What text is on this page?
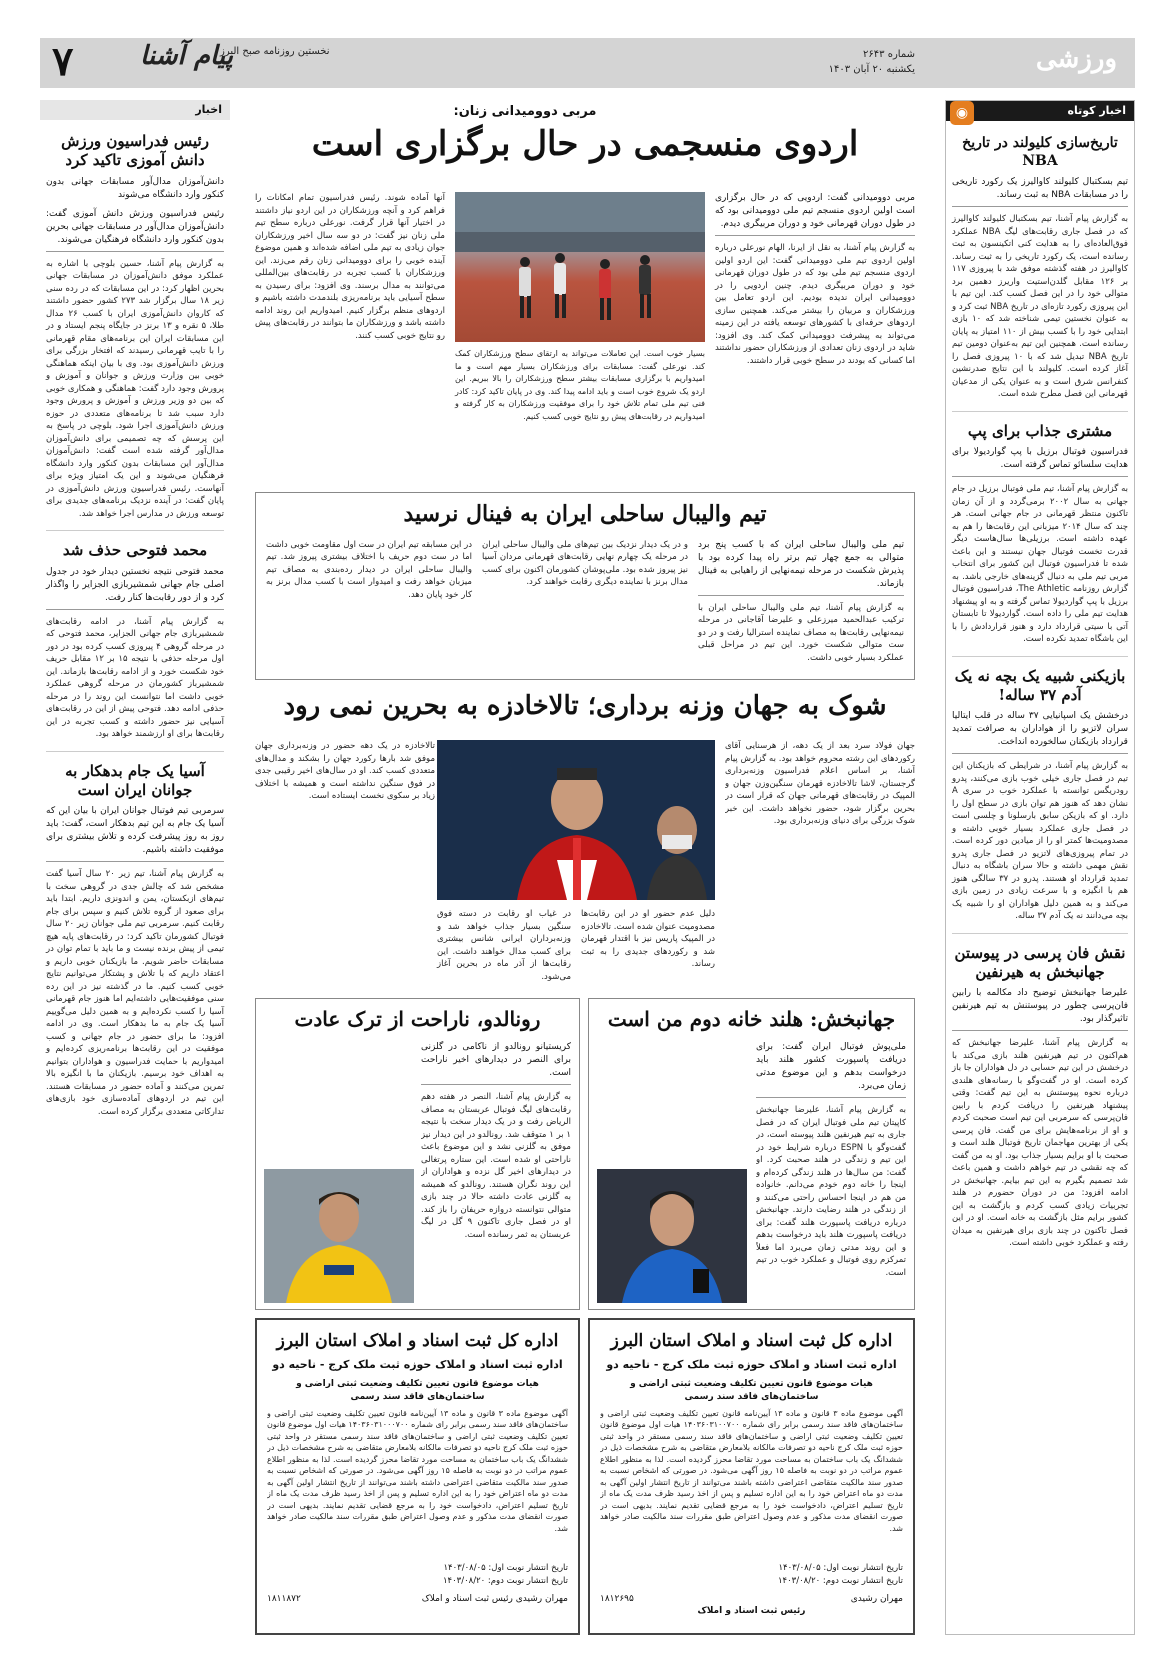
ورزشی
شماره ۲۶۴۳
یکشنبه ۲۰ آبان ۱۴۰۳
نخستین روزنامه صبح البرز
پیام آشنا
۷
اخبار کوتاه
◉
تاریخ‌سازی کلیولند در تاریخ NBA
تیم بسکتبال کلیولند کاوالیرز یک رکورد تاریخی را در مسابقات NBA به ثبت رساند.
به گزارش پیام آشنا، تیم بسکتبال کلیولند کاوالیرز که در فصل جاری رقابت‌های لیگ NBA عملکرد فوق‌العاده‌ای را به هدایت کنی اتکینسون به ثبت رسانده است، یک رکورد تاریخی را به ثبت رساند. کاوالیرز در هفته گذشته موفق شد با پیروزی ۱۱۷ بر ۱۲۶ مقابل گلدن‌استیت واریرز دهمین برد متوالی خود را در این فصل کسب کند. این تیم با این پیروزی رکورد تازه‌ای در تاریخ NBA ثبت کرد و به عنوان نخستین تیمی شناخته شد که ۱۰ بازی ابتدایی خود را با کسب بیش از ۱۱۰ امتیاز به پایان رسانده است. همچنین این تیم به‌عنوان دومین تیم تاریخ NBA تبدیل شد که با ۱۰ پیروزی فصل را آغاز کرده است. کلیولند با این نتایج صدرنشین کنفرانس شرق است و به عنوان یکی از مدعیان قهرمانی این فصل مطرح شده است.
مشتری جذاب برای پپ
فدراسیون فوتبال برزیل با پپ گواردیولا برای هدایت سلسائو تماس گرفته است.
به گزارش پیام آشنا، تیم ملی فوتبال برزیل در جام جهانی به سال ۲۰۰۲ برمی‌گردد و از آن زمان تاکنون منتظر قهرمانی در جام جهانی است. هر چند که سال ۲۰۱۴ میزبانی این رقابت‌ها را هم به عهده داشته است. برزیلی‌ها سال‌هاست دیگر قدرت تخست فوتبال جهان نیستند و این باعث شده تا فدراسیون فوتبال این کشور برای انتخاب مربی تیم ملی به دنبال گزینه‌های خارجی باشد. به گزارش روزنامه The Athletic، فدراسیون فوتبال برزیل با پپ گواردیولا تماس گرفته و به او پیشنهاد هدایت تیم ملی را داده است. گواردیولا تا تابستان آتی با سیتی قرارداد دارد و هنوز قراردادش را با این باشگاه تمدید نکرده است.
بازیکنی شبیه یک بچه نه یک آدم ۳۷ ساله!
درخشش یک اسپانیایی ۳۷ ساله در قلب ایتالیا سران لاتزیو را از هواداران به صرافت تمدید قرارداد بازیکنان سالخورده انداخت.
به گزارش پیام آشنا، در شرایطی که بازیکنان این تیم در فصل جاری خیلی خوب بازی می‌کنند، پدرو رودریگس توانسته با عملکرد خوب در سری A نشان دهد که هنوز هم توان بازی در سطح اول را دارد. او که بازیکن سابق بارسلونا و چلسی است در فصل جاری عملکرد بسیار خوبی داشته و مصدومیت‌ها کمتر او را از میادین دور کرده است. در تمام پیروزی‌های لاتزیو در فصل جاری پدرو نقش مهمی داشته و حالا سران باشگاه به دنبال تمدید قرارداد او هستند. پدرو در ۳۷ سالگی هنوز هم با انگیزه و با سرعت زیادی در زمین بازی می‌کند و به همین دلیل هواداران او را شبیه یک بچه می‌دانند نه یک آدم ۳۷ ساله.
نقش فان پرسی در پیوستن جهانبخش به هیرنفین
علیرضا جهانبخش توضیح داد مکالمه با رابین فان‌پرسی چطور در پیوستنش به تیم هیرنفین تاثیرگذار بود.
به گزارش پیام آشنا، علیرضا جهانبخش که هم‌اکنون در تیم هیرنفین هلند بازی می‌کند با درخشش در این تیم حسابی در دل هواداران جا باز کرده است. او در گفت‌وگو با رسانه‌های هلندی درباره نحوه پیوستنش به این تیم گفت: وقتی پیشنهاد هیرنفین را دریافت کردم با رابین فان‌پرسی که سرمربی این تیم است صحبت کردم و او از برنامه‌هایش برای من گفت. فان پرسی یکی از بهترین مهاجمان تاریخ فوتبال هلند است و صحبت با او برایم بسیار جذاب بود. او به من گفت که چه نقشی در تیم خواهم داشت و همین باعث شد تصمیم بگیرم به این تیم بیایم. جهانبخش در ادامه افزود: من در دوران حضورم در هلند تجربیات زیادی کسب کردم و بازگشت به این کشور برایم مثل بازگشت به خانه است. او در این فصل تاکنون در چند بازی برای هیرنفین به میدان رفته و عملکرد خوبی داشته است.
اخبار
رئیس فدراسیون ورزش دانش آموزی تاکید کرد
دانش‌آموزان مدال‌آور مسابقات جهانی بدون کنکور وارد دانشگاه می‌شوند
رئیس فدراسیون ورزش دانش آموزی گفت: دانش‌آموزان مدال‌آور در مسابقات جهانی بحرین بدون کنکور وارد دانشگاه فرهنگیان می‌شوند.
به گزارش پیام آشنا، حسین بلوچی با اشاره به عملکرد موفق دانش‌آموزان در مسابقات جهانی بحرین اظهار کرد: در این مسابقات که در رده سنی زیر ۱۸ سال برگزار شد ۲۷۳ کشور حضور داشتند که کاروان دانش‌آموزی ایران با کسب ۲۶ مدال طلا، ۵ نقره و ۱۳ برنز در جایگاه پنجم ایستاد و در این مسابقات ایران این برنامه‌های مقام قهرمانی را با تایب قهرمانی رسیدند که افتخار بزرگی برای ورزش دانش‌آموزی بود. وی با بیان اینکه هماهنگی خوبی بین وزارت ورزش و جوانان و آموزش و پرورش وجود دارد گفت: هماهنگی و همکاری خوبی که بین دو وزیر ورزش و آموزش و پرورش وجود دارد سبب شد تا برنامه‌های متعددی در حوزه ورزش دانش‌آموزی اجرا شود. بلوچی در پاسخ به این پرسش که چه تصمیمی برای دانش‌آموزان مدال‌آور گرفته شده است گفت: دانش‌آموزان مدال‌آور این مسابقات بدون کنکور وارد دانشگاه فرهنگیان می‌شوند و این یک امتیاز ویژه برای آنهاست. رئیس فدراسیون ورزش دانش‌آموزی در پایان گفت: در آینده نزدیک برنامه‌های جدیدی برای توسعه ورزش در مدارس اجرا خواهد شد.
محمد فتوحی حذف شد
محمد فتوحی نتیجه نخستین دیدار خود در جدول اصلی جام جهانی شمشیربازی الجزایر را واگذار کرد و از دور رقابت‌ها کنار رفت.
به گزارش پیام آشنا، در ادامه رقابت‌های شمشیربازی جام جهانی الجزایر، محمد فتوحی که در مرحله گروهی ۴ پیروزی کسب کرده بود در دور اول مرحله حذفی با نتیجه ۱۵ بر ۱۲ مقابل حریف خود شکست خورد و از ادامه رقابت‌ها بازماند. این شمشیرباز کشورمان در مرحله گروهی عملکرد خوبی داشت اما نتوانست این روند را در مرحله حذفی ادامه دهد. فتوحی پیش از این در رقابت‌های آسیایی نیز حضور داشته و کسب تجربه در این رقابت‌ها برای او ارزشمند خواهد بود.
آسیا یک جام بدهکار به جوانان ایران است
سرمربی تیم فوتبال جوانان ایران با بیان این که آسیا یک جام به این تیم بدهکار است، گفت: باید روز به روز پیشرفت کرده و تلاش بیشتری برای موفقیت داشته باشیم.
به گزارش پیام آشنا، تیم زیر ۲۰ سال آسیا گفت مشخص شد که چالش جدی در گروهی سخت با تیم‌های ازبکستان، یمن و اندونزی داریم. ابتدا باید برای صعود از گروه تلاش کنیم و سپس برای جام رقابت کنیم. سرمربی تیم ملی جوانان زیر ۲۰ سال فوتبال کشورمان تاکید کرد: در رقابت‌های پایه هیچ تیمی از پیش برنده نیست و ما باید با تمام توان در مسابقات حاضر شویم. ما بازیکنان خوبی داریم و اعتقاد داریم که با تلاش و پشتکار می‌توانیم نتایج خوبی کسب کنیم. ما در گذشته نیز در این رده سنی موفقیت‌هایی داشته‌ایم اما هنوز جام قهرمانی آسیا را کسب نکرده‌ایم و به همین دلیل می‌گوییم آسیا یک جام به ما بدهکار است. وی در ادامه افزود: ما برای حضور در جام جهانی و کسب موفقیت در این رقابت‌ها برنامه‌ریزی کرده‌ایم و امیدواریم با حمایت فدراسیون و هواداران بتوانیم به اهداف خود برسیم. بازیکنان ما با انگیزه بالا تمرین می‌کنند و آماده حضور در مسابقات هستند. این تیم در اردوهای آماده‌سازی خود بازی‌های تدارکاتی متعددی برگزار کرده است.
مربی دوومیدانی زنان:
اردوی منسجمی در حال برگزاری است
مربی دوومیدانی گفت: اردویی که در حال برگزاری است اولین اردوی منسجم تیم ملی دوومیدانی بود که در طول دوران قهرمانی خود و دوران مربیگری دیدم.
به گزارش پیام آشنا، به نقل از ایرنا، الهام نورعلی درباره اولین اردوی تیم ملی دوومیدانی گفت: این اردو اولین اردوی منسجم تیم ملی بود که در طول دوران قهرمانی خود و دوران مربیگری دیدم. چنین اردویی را در دوومیدانی ایران ندیده بودیم. این اردو تعامل بین ورزشکاران و مربیان را بیشتر می‌کند. همچنین سازی اردوهای حرفه‌ای با کشورهای توسعه یافته در این زمینه می‌تواند به پیشرفت دوومیدانی کمک کند. وی افزود: شاید در اردوی زنان تعدادی از ورزشکاران حضور نداشتند اما کسانی که بودند در سطح خوبی قرار داشتند.
بسیار خوب است. این تعاملات می‌تواند به ارتقای سطح ورزشکاران کمک کند. نورعلی گفت: مسابقات برای ورزشکاران بسیار مهم است و ما امیدواریم با برگزاری مسابقات بیشتر سطح ورزشکاران را بالا ببریم. این اردو یک شروع خوب است و باید ادامه پیدا کند. وی در پایان تاکید کرد: کادر فنی تیم ملی تمام تلاش خود را برای موفقیت ورزشکاران به کار گرفته و امیدواریم در رقابت‌های پیش رو نتایج خوبی کسب کنیم.
آنها آماده شوند. رئیس فدراسیون تمام امکانات را فراهم کرد و آنچه ورزشکاران در این اردو نیاز داشتند در اختیار آنها قرار گرفت. نورعلی درباره سطح تیم ملی زنان نیز گفت: در دو سه سال اخیر ورزشکاران جوان زیادی به تیم ملی اضافه شده‌اند و همین موضوع آینده خوبی را برای دوومیدانی زنان رقم می‌زند. این ورزشکاران با کسب تجربه در رقابت‌های بین‌المللی می‌توانند به مدال برسند. وی افزود: برای رسیدن به سطح آسیایی باید برنامه‌ریزی بلندمدت داشته باشیم و اردوهای منظم برگزار کنیم. امیدواریم این روند ادامه داشته باشد و ورزشکاران ما بتوانند در رقابت‌های پیش رو نتایج خوبی کسب کنند.
تیم والیبال ساحلی ایران به فینال نرسید
تیم ملی والیبال ساحلی ایران که با کسب پنج برد متوالی به جمع چهار تیم برتر راه پیدا کرده بود با پذیرش شکست در مرحله نیمه‌نهایی از راهیابی به فینال بازماند.
به گزارش پیام آشنا، تیم ملی والیبال ساحلی ایران با ترکیب عبدالحمید میرزعلی و علیرضا آقاجانی در مرحله نیمه‌نهایی رقابت‌ها به مصاف نماینده استرالیا رفت و در دو ست متوالی شکست خورد. این تیم در مراحل قبلی عملکرد بسیار خوبی داشت.
و در یک دیدار نزدیک بین تیم‌های ملی والیبال ساحلی ایران در مرحله یک چهارم نهایی رقابت‌های قهرمانی مردان آسیا نیز پیروز شده بود. ملی‌پوشان کشورمان اکنون برای کسب مدال برنز با نماینده دیگری رقابت خواهند کرد.
در این مسابقه تیم ایران در ست اول مقاومت خوبی داشت اما در ست دوم حریف با اختلاف بیشتری پیروز شد. تیم والیبال ساحلی ایران در دیدار رده‌بندی به مصاف تیم میزبان خواهد رفت و امیدوار است با کسب مدال برنز به کار خود پایان دهد.
شوک به جهان وزنه برداری؛ تالاخادزه به بحرین نمی رود
جهان فولاد سرد بعد از یک دهه، از هرسنایی آقای رکوردهای این رشته محروم خواهد بود. به گزارش پیام آشنا، بر اساس اعلام فدراسیون وزنه‌برداری گرجستان، لاشا تالاخادزه قهرمان سنگین‌وزن جهان و المپیک در رقابت‌های قهرمانی جهان که قرار است در بحرین برگزار شود، حضور نخواهد داشت. این خبر شوک بزرگی برای دنیای وزنه‌برداری بود.
دلیل عدم حضور او در این رقابت‌ها مصدومیت عنوان شده است. تالاخادزه در المپیک پاریس نیز با اقتدار قهرمان شد و رکوردهای جدیدی را به ثبت رساند.
در غیاب او رقابت در دسته فوق سنگین بسیار جذاب خواهد شد و وزنه‌برداران ایرانی شانس بیشتری برای کسب مدال خواهند داشت. این رقابت‌ها از آذر ماه در بحرین آغاز می‌شود.
تالاخادزه در یک دهه حضور در وزنه‌برداری جهان موفق شد بارها رکورد جهان را بشکند و مدال‌های متعددی کسب کند. او در سال‌های اخیر رقیبی جدی در فوق سنگین نداشته است و همیشه با اختلاف زیاد بر سکوی نخست ایستاده است.
جهانبخش: هلند خانه دوم من است
ملی‌پوش فوتبال ایران گفت: برای دریافت پاسپورت کشور هلند باید درخواست بدهم و این موضوع مدتی زمان می‌برد.
به گزارش پیام آشنا، علیرضا جهانبخش کاپیتان تیم ملی فوتبال ایران که در فصل جاری به تیم هیرنفین هلند پیوسته است، در گفت‌وگو با ESPN درباره شرایط خود در این تیم و زندگی در هلند صحبت کرد. او گفت: من سال‌ها در هلند زندگی کرده‌ام و اینجا را خانه دوم خودم می‌دانم. خانواده من هم در اینجا احساس راحتی می‌کنند و از زندگی در هلند رضایت دارند. جهانبخش درباره دریافت پاسپورت هلند گفت: برای دریافت پاسپورت هلند باید درخواست بدهم و این روند مدتی زمان می‌برد اما فعلاً تمرکزم روی فوتبال و عملکرد خوب در تیم است.
رونالدو، ناراحت از ترک عادت
کریستیانو رونالدو از ناکامی در گلزنی برای النصر در دیدارهای اخیر ناراحت است.
به گزارش پیام آشنا، النصر در هفته دهم رقابت‌های لیگ فوتبال عربستان به مصاف الریاض رفت و در یک دیدار سخت با نتیجه ۱ بر ۱ متوقف شد. رونالدو در این دیدار نیز موفق به گلزنی نشد و این موضوع باعث ناراحتی او شده است. این ستاره پرتغالی در دیدارهای اخیر گل نزده و هواداران از این روند نگران هستند. رونالدو که همیشه به گلزنی عادت داشته حالا در چند بازی متوالی نتوانسته دروازه حریفان را باز کند. او در فصل جاری تاکنون ۹ گل در لیگ عربستان به ثمر رسانده است.
اداره کل ثبت اسناد و املاک استان البرز
اداره ثبت اسناد و املاک حوزه ثبت ملک کرج - ناحیه دو
هیات موضوع قانون تعیین تکلیف وضعیت ثبتی اراضی و ساختمان‌های فاقد سند رسمی
آگهی موضوع ماده ۳ قانون و ماده ۱۳ آیین‌نامه قانون تعیین تکلیف وضعیت ثبتی اراضی و ساختمان‌های فاقد سند رسمی برابر رای شماره ۱۴۰۳۶۰۳۱۰۰۷۰۰ هیات اول موضوع قانون تعیین تکلیف وضعیت ثبتی اراضی و ساختمان‌های فاقد سند رسمی مستقر در واحد ثبتی حوزه ثبت ملک کرج ناحیه دو تصرفات مالکانه بلامعارض متقاضی به شرح مشخصات ذیل در ششدانگ یک باب ساختمان به مساحت مورد تقاضا محرز گردیده است. لذا به منظور اطلاع عموم مراتب در دو نوبت به فاصله ۱۵ روز آگهی می‌شود. در صورتی که اشخاص نسبت به صدور سند مالکیت متقاضی اعتراضی داشته باشند می‌توانند از تاریخ انتشار اولین آگهی به مدت دو ماه اعتراض خود را به این اداره تسلیم و پس از اخذ رسید ظرف مدت یک ماه از تاریخ تسلیم اعتراض، دادخواست خود را به مرجع قضایی تقدیم نمایند. بدیهی است در صورت انقضای مدت مذکور و عدم وصول اعتراض طبق مقررات سند مالکیت صادر خواهد شد.
تاریخ انتشار نوبت اول: ۱۴۰۳/۰۸/۰۵
تاریخ انتشار نوبت دوم: ۱۴۰۳/۰۸/۲۰
مهران رشیدی
۱۸۱۲۶۹۵
رئیس ثبت اسناد و املاک
اداره کل ثبت اسناد و املاک استان البرز
اداره ثبت اسناد و املاک حوزه ثبت ملک کرج - ناحیه دو
هیات موضوع قانون تعیین تکلیف وضعیت ثبتی اراضی و ساختمان‌های فاقد سند رسمی
آگهی موضوع ماده ۳ قانون و ماده ۱۳ آیین‌نامه قانون تعیین تکلیف وضعیت ثبتی اراضی و ساختمان‌های فاقد سند رسمی برابر رای شماره ۱۴۰۳۶۰۳۱۰۰۰۷۰۰ هیات اول موضوع قانون تعیین تکلیف وضعیت ثبتی اراضی و ساختمان‌های فاقد سند رسمی مستقر در واحد ثبتی حوزه ثبت ملک کرج ناحیه دو تصرفات مالکانه بلامعارض متقاضی به شرح مشخصات ذیل در ششدانگ یک باب ساختمان به مساحت مورد تقاضا محرز گردیده است. لذا به منظور اطلاع عموم مراتب در دو نوبت به فاصله ۱۵ روز آگهی می‌شود. در صورتی که اشخاص نسبت به صدور سند مالکیت متقاضی اعتراضی داشته باشند می‌توانند از تاریخ انتشار اولین آگهی به مدت دو ماه اعتراض خود را به این اداره تسلیم و پس از اخذ رسید ظرف مدت یک ماه از تاریخ تسلیم اعتراض، دادخواست خود را به مرجع قضایی تقدیم نمایند. بدیهی است در صورت انقضای مدت مذکور و عدم وصول اعتراض طبق مقررات سند مالکیت صادر خواهد شد.
تاریخ انتشار نوبت اول: ۱۴۰۳/۰۸/۰۵
تاریخ انتشار نوبت دوم: ۱۴۰۳/۰۸/۲۰
مهران رشیدی رئیس ثبت اسناد و املاک
۱۸۱۱۸۷۲
